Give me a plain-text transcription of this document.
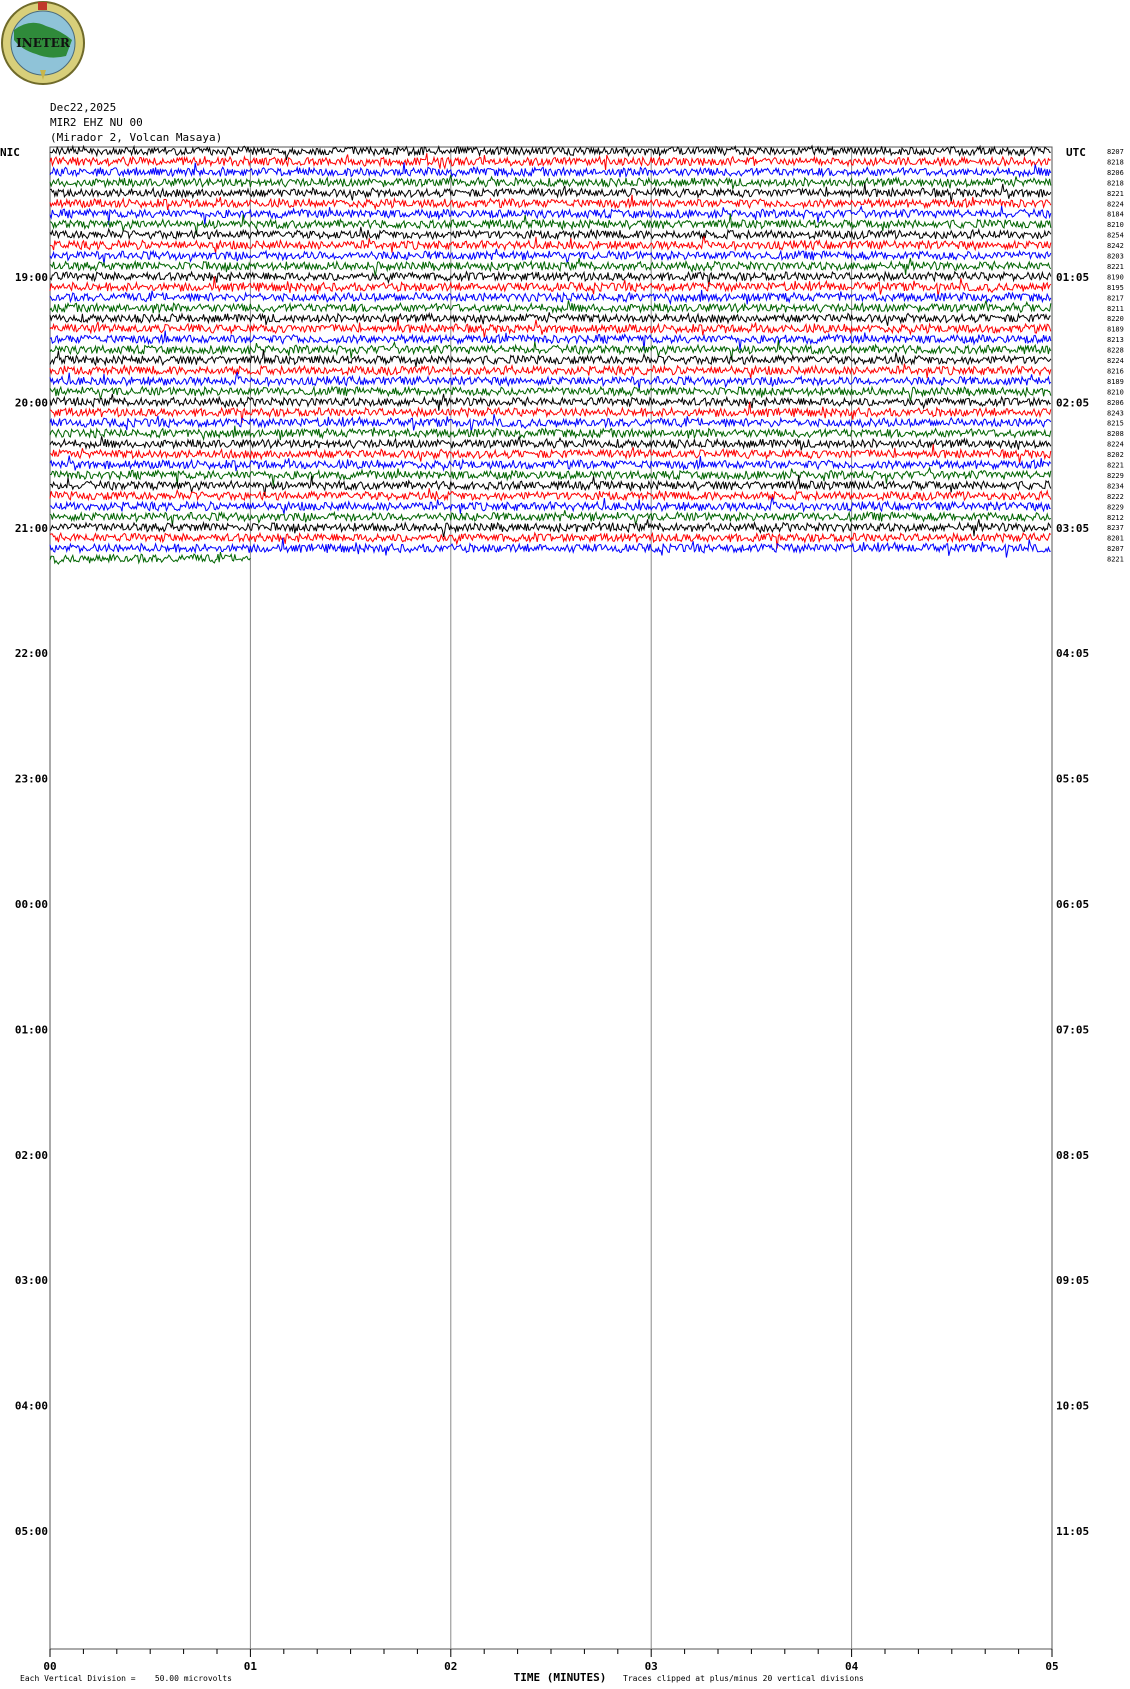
INETER
Dec22,2025
MIR2 EHZ NU 00
(Mirador 2, Volcan Masaya)
NIC	UTC	8207
8218
8206
8218
8221
8224
8184
8210
8254
8242
8203
8221
8190
8195
8217
8211
8220
8189
8213
8228
8224
8216
8189
8210
8206
8243
8215
8208
8224
8202
8221
8229
8234
8222
8229
8212
8237
8201
8207
8221
19:00
20:00
21:00
22:00
23:00
00:00
01:00
02:00
03:00
04:00
05:00
01:05
02:05
03:05
04:05
05:05
06:05
07:05
08:05
09:05
10:05
11:05
00	01	02	03	04	05
TIME (MINUTES)
Each Vertical Division =    50.00 microvolts	Traces clipped at plus/minus 20 vertical divisions
